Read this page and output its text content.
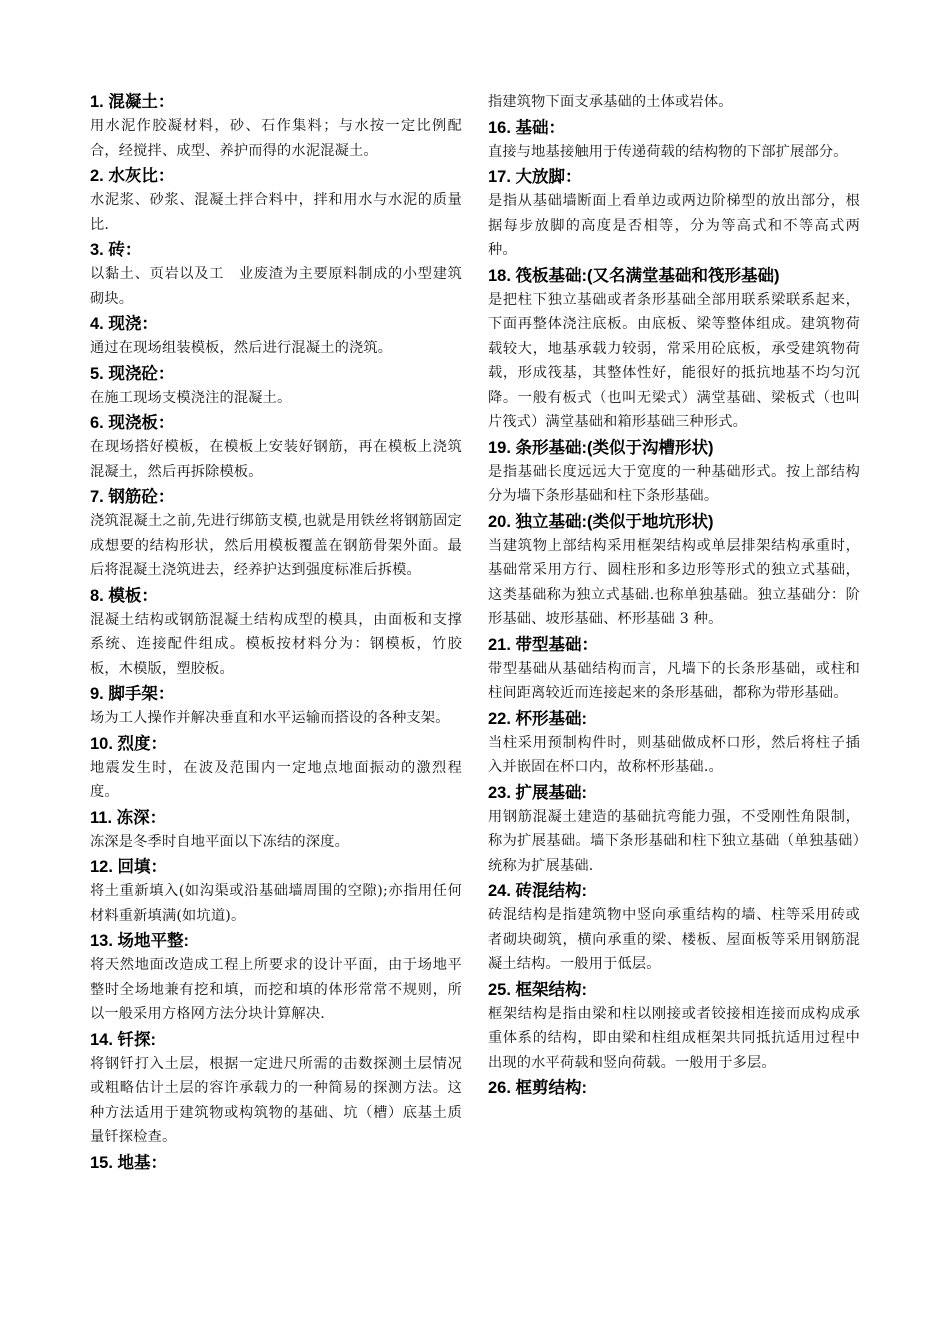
1. 混凝土：
用水泥作胶凝材料，砂、石作集料；与水按一定比例配合，经搅拌、成型、养护而得的水泥混凝土。
2. 水灰比：
水泥浆、砂浆、混凝土拌合料中，拌和用水与水泥的质量比.
3. 砖：
以黏土、页岩以及工　业废渣为主要原料制成的小型建筑砌块。
4. 现浇：
通过在现场组装模板，然后进行混凝土的浇筑。
5. 现浇砼：
在施工现场支模浇注的混凝土。
6. 现浇板：
在现场搭好模板，在模板上安装好钢筋，再在模板上浇筑混凝土，然后再拆除模板。
7. 钢筋砼：
浇筑混凝土之前,先进行绑筋支模,也就是用铁丝将钢筋固定成想要的结构形状，然后用模板覆盖在钢筋骨架外面。最后将混凝土浇筑进去，经养护达到强度标准后拆模。
8. 模板：
混凝土结构或钢筋混凝土结构成型的模具，由面板和支撑系统、连接配件组成。模板按材料分为：钢模板，竹胶板，木模版，塑胶板。
9. 脚手架：
场为工人操作并解决垂直和水平运输而搭设的各种支架。
10. 烈度：
地震发生时，在波及范围内一定地点地面振动的激烈程度。
11. 冻深：
冻深是冬季时自地平面以下冻结的深度。
12. 回填：
将土重新填入(如沟渠或沿基础墙周围的空隙);亦指用任何材料重新填满(如坑道)。
13. 场地平整:
将天然地面改造成工程上所要求的设计平面，由于场地平整时全场地兼有挖和填，而挖和填的体形常常不规则，所以一般采用方格网方法分块计算解决.
14. 钎探:
将钢钎打入土层，根据一定进尺所需的击数探测土层情况或粗略估计土层的容许承载力的一种简易的探测方法。这种方法适用于建筑物或构筑物的基础、坑（槽）底基土质量钎探检查。
15. 地基：
指建筑物下面支承基础的土体或岩体。
16. 基础：
直接与地基接触用于传递荷载的结构物的下部扩展部分。
17. 大放脚：
是指从基础墙断面上看单边或两边阶梯型的放出部分，根据每步放脚的高度是否相等，分为等高式和不等高式两种。
18. 筏板基础:(又名满堂基础和筏形基础)
是把柱下独立基础或者条形基础全部用联系梁联系起来，下面再整体浇注底板。由底板、梁等整体组成。建筑物荷载较大，地基承载力较弱，常采用砼底板，承受建筑物荷载，形成筏基，其整体性好，能很好的抵抗地基不均匀沉降。一般有板式（也叫无梁式）满堂基础、梁板式（也叫片筏式）满堂基础和箱形基础三种形式。
19. 条形基础:(类似于沟槽形状)
是指基础长度远远大于宽度的一种基础形式。按上部结构分为墙下条形基础和柱下条形基础。
20. 独立基础:(类似于地坑形状)
当建筑物上部结构采用框架结构或单层排架结构承重时，基础常采用方行、圆柱形和多边形等形式的独立式基础，这类基础称为独立式基础.也称单独基础。独立基础分：阶形基础、坡形基础、杯形基础 3 种。
21. 带型基础：
带型基础从基础结构而言，凡墙下的长条形基础，或柱和柱间距离较近而连接起来的条形基础，都称为带形基础。
22. 杯形基础:
当柱采用预制构件时，则基础做成杯口形，然后将柱子插入并嵌固在杯口内，故称杯形基础.。
23. 扩展基础:
用钢筋混凝土建造的基础抗弯能力强，不受刚性角限制，称为扩展基础。墙下条形基础和柱下独立基础（单独基础）统称为扩展基础.
24. 砖混结构:
砖混结构是指建筑物中竖向承重结构的墙、柱等采用砖或者砌块砌筑，横向承重的梁、楼板、屋面板等采用钢筋混凝土结构。一般用于低层。
25. 框架结构:
框架结构是指由梁和柱以刚接或者铰接相连接而成构成承重体系的结构，即由梁和柱组成框架共同抵抗适用过程中出现的水平荷载和竖向荷载。一般用于多层。
26. 框剪结构:
